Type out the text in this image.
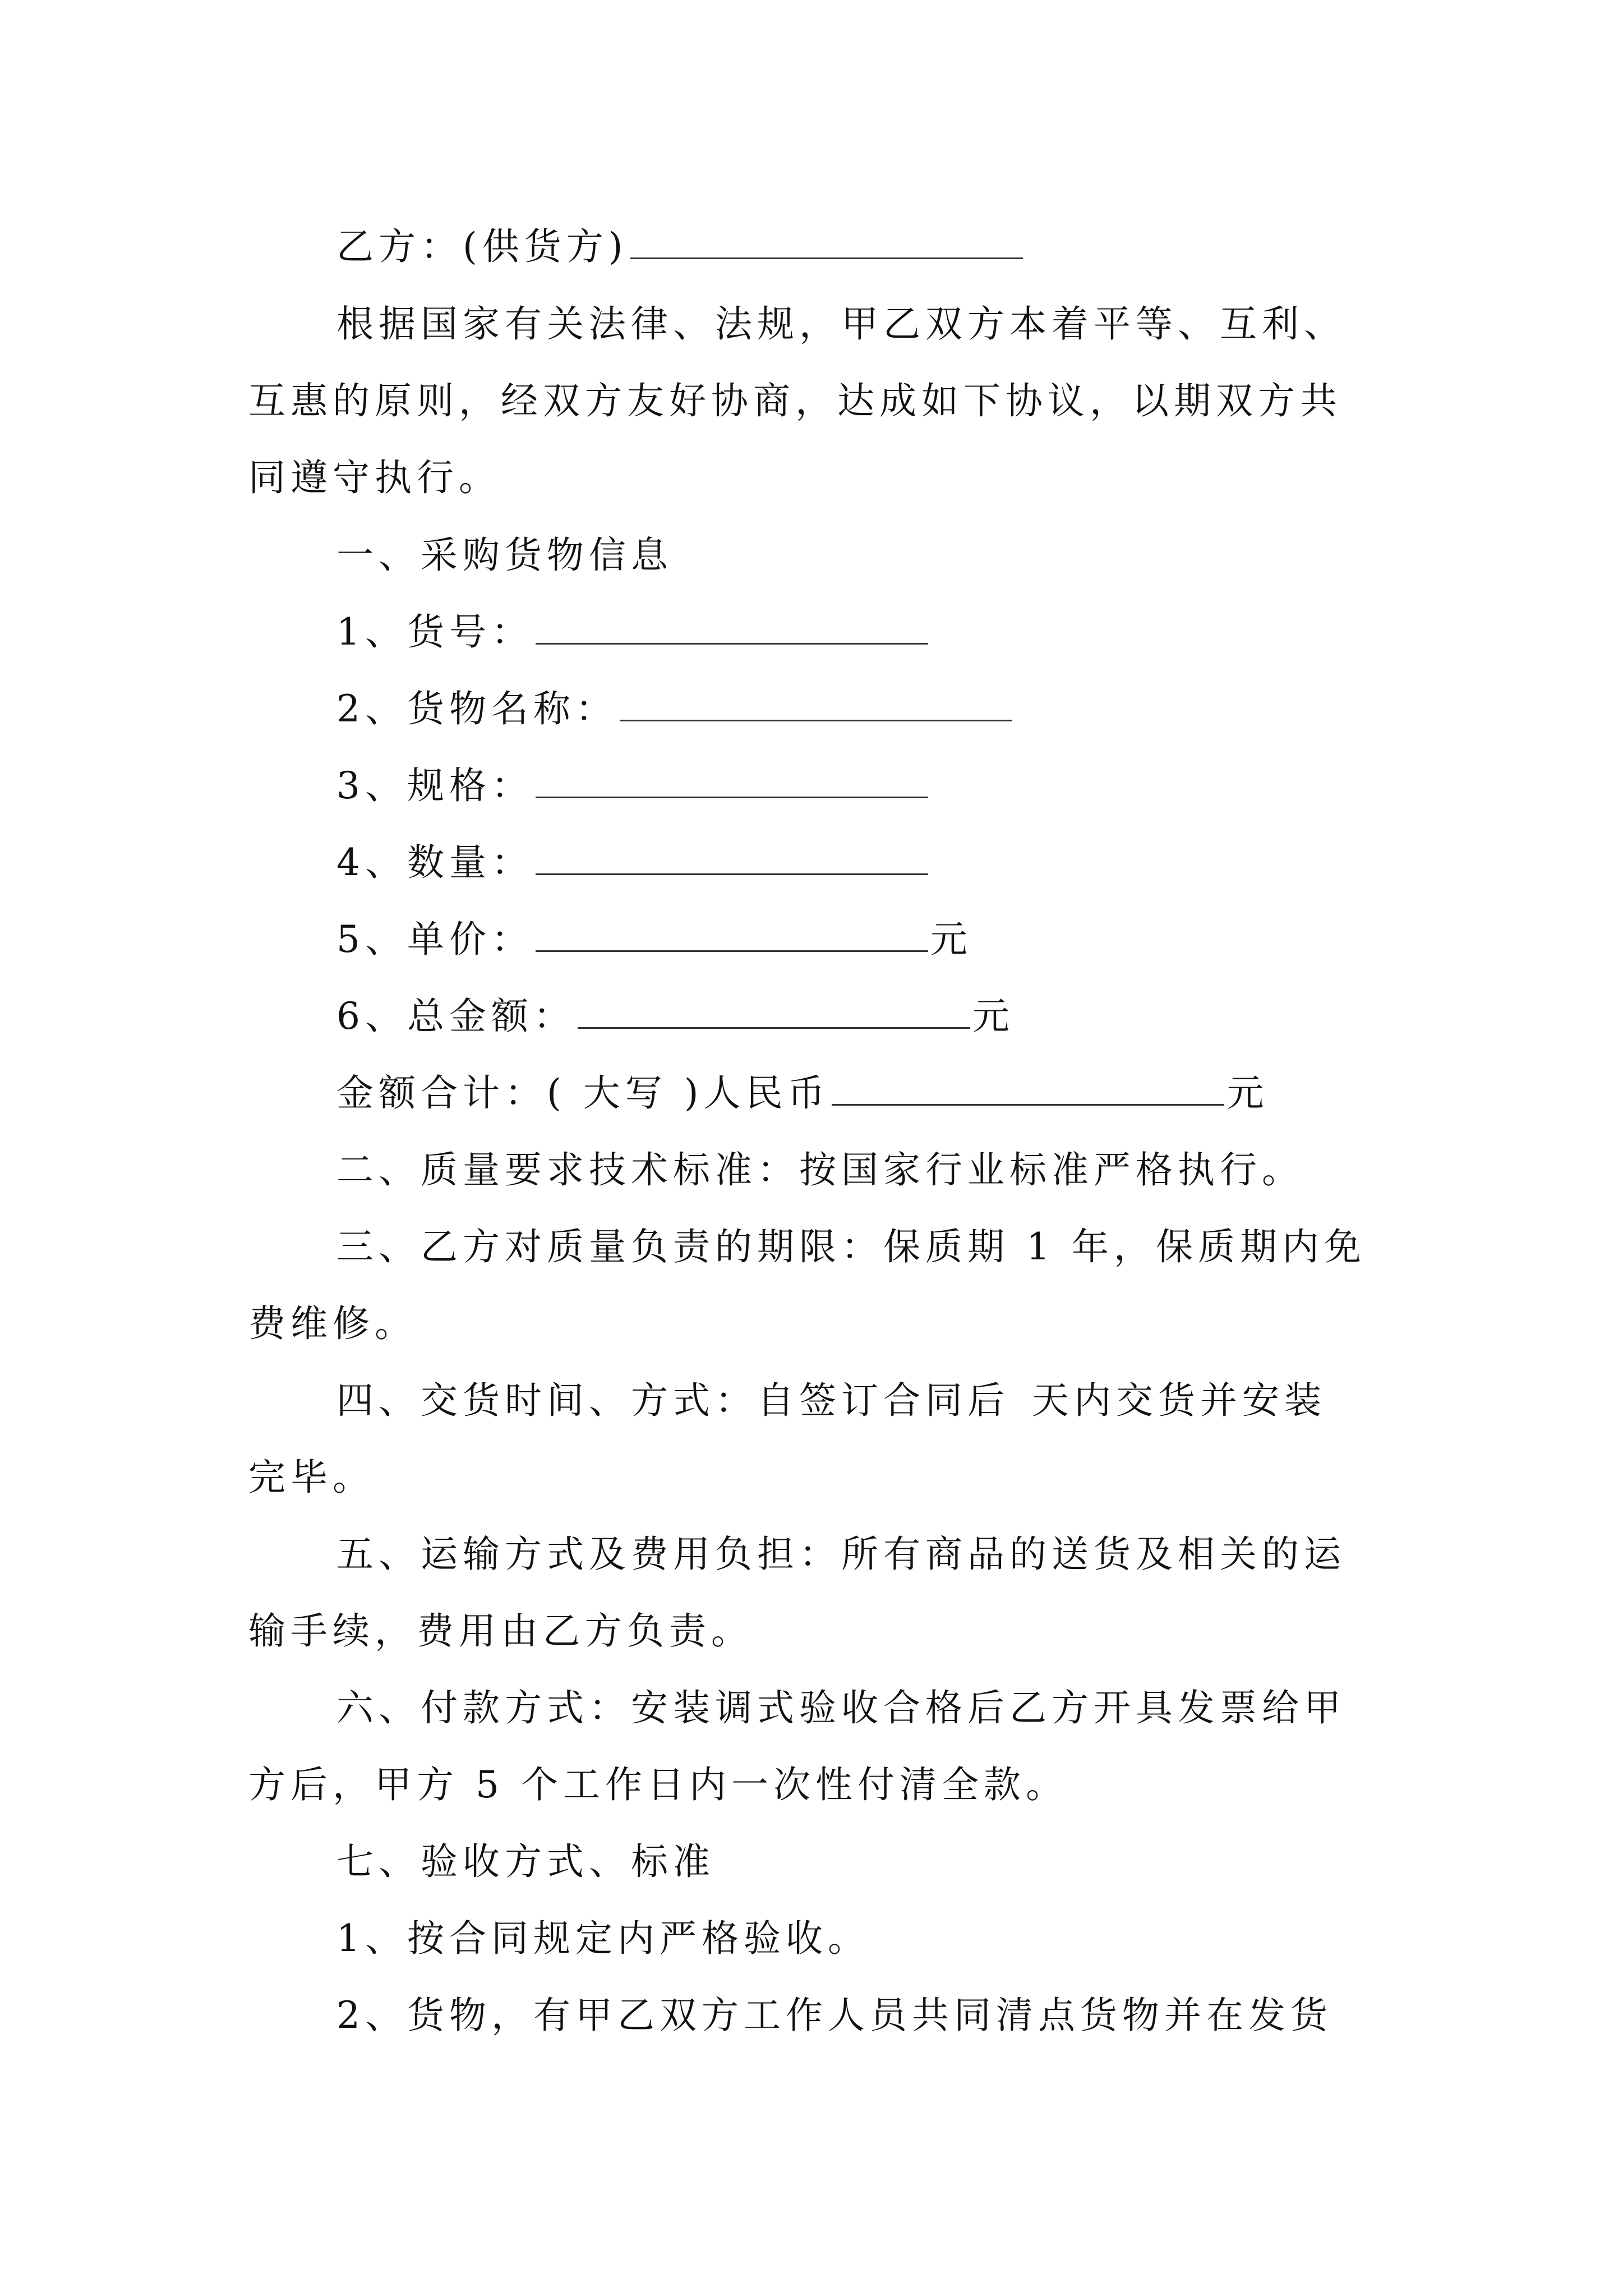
乙方：(供货方)
根据国家有关法律、法规，甲乙双方本着平等、互利、
互惠的原则，经双方友好协商，达成如下协议，以期双方共
同遵守执行。
一、采购货物信息
1、货号：
2、货物名称：
3、规格：
4、数量：
5、单价：	元
6、总金额：	元
金额合计：( 大写 )人民币	元
二、质量要求技术标准：按国家行业标准严格执行。
三、乙方对质量负责的期限：保质期 1 年，保质期内免
费维修。
四、交货时间、方式：自签订合同后 天内交货并安装
完毕。
五、运输方式及费用负担：所有商品的送货及相关的运
输手续，费用由乙方负责。
六、付款方式：安装调式验收合格后乙方开具发票给甲
方后，甲方 5 个工作日内一次性付清全款。
七、验收方式、标准
1、按合同规定内严格验收。
2、货物，有甲乙双方工作人员共同清点货物并在发货
